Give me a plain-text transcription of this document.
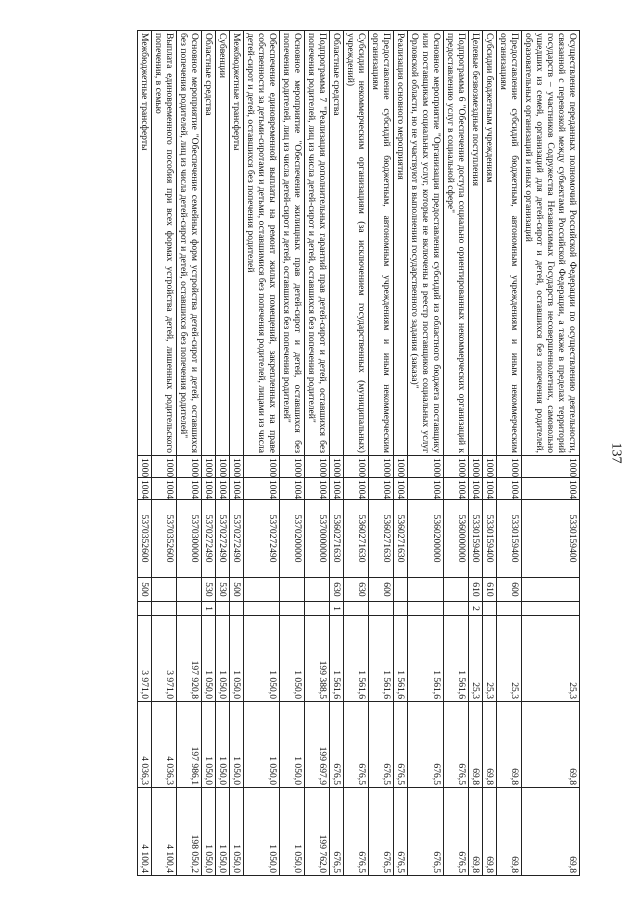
137
Осуществление переданных полномочий Российской Федерации по осуществлению деятельности, связанной с перевозкой между субъектами Российской Федерации, а также в пределах территорий государств – участников Содружества Независимых Государств несовершеннолетних, самовольно ушедших из семей, организаций для детей-сирот и детей, оставшихся без попечения родителей, образовательных организаций и иных организаций	1000	1004	5330159400			25,3	69,8	69,8
Предоставление субсидий бюджетным, автономным учреждениям и иным некоммерческим организациям	1000	1004	5330159400	600		25,3	69,8	69,8
Субсидии бюджетным учреждениям	1000	1004	5330159400	610		25,3	69,8	69,8
Целевые безвозмездные поступления	1000	1004	5330159400	610	2	25,3	69,8	69,8
Подпрограмма 6 "Обеспечение доступа социально ориентированных некоммерческих организаций к предоставлению услуг в социальной сфере"	1000	1004	5360000000			1 561,6	676,5	676,5
Основное мероприятие "Организация предоставления субсидий из областного бюджета поставщику или поставщикам социальных услуг, которые не включены в реестр поставщиков социальных услуг Орловской области, но не участвуют в выполнении государственного задания (заказа)"	1000	1004	5360200000			1 561,6	676,5	676,5
Реализация основного мероприятия	1000	1004	5360271630			1 561,6	676,5	676,5
Предоставление субсидий бюджетным, автономным учреждениям и иным некоммерческим организациям	1000	1004	5360271630	600		1 561,6	676,5	676,5
Субсидии некоммерческим организациям (за исключением государственных (муниципальных) учреждений)	1000	1004	5360271630	630		1 561,6	676,5	676,5
Областные средства	1000	1004	5360271630	630	1	1 561,6	676,5	676,5
Подпрограмма 7 "Реализация дополнительных гарантий прав детей-сирот и детей, оставшихся без попечения родителей, лиц из числа детей-сирот и детей, оставшихся без попечения родителей"	1000	1004	5370000000			199 388,5	199 697,9	199 762,0
Основное мероприятие "Обеспечение жилищных прав детей-сирот и детей, оставшихся без попечения родителей, лиц из числа детей-сирот и детей, оставшихся без попечения родителей"	1000	1004	5370200000			1 050,0	1 050,0	1 050,0
Обеспечение единовременной выплаты на ремонт жилых помещений, закрепленных на праве собственности за детьми-сиротами и детьми, оставшимися без попечения родителей, лицами из числа детей-сирот и детей, оставшихся без попечения родителей	1000	1004	5370272490			1 050,0	1 050,0	1 050,0
Межбюджетные трансферты	1000	1004	5370272490	500		1 050,0	1 050,0	1 050,0
Субвенции	1000	1004	5370272490	530		1 050,0	1 050,0	1 050,0
Областные средства	1000	1004	5370272490	530	1	1 050,0	1 050,0	1 050,0
Основное мероприятие "Обеспечение семейных форм устройства детей-сирот и детей, оставшихся без попечения родителей, лиц из числа детей-сирот и детей, оставшихся без попечения родителей"	1000	1004	5370300000			197 920,8	197 986,1	198 050,2
Выплата единовременного пособия при всех формах устройства детей, лишенных родительского попечения, в семью	1000	1004	5370352600			3 971,0	4 036,3	4 100,4
Межбюджетные трансферты	1000	1004	5370352600	500		3 971,0	4 036,3	4 100,4
